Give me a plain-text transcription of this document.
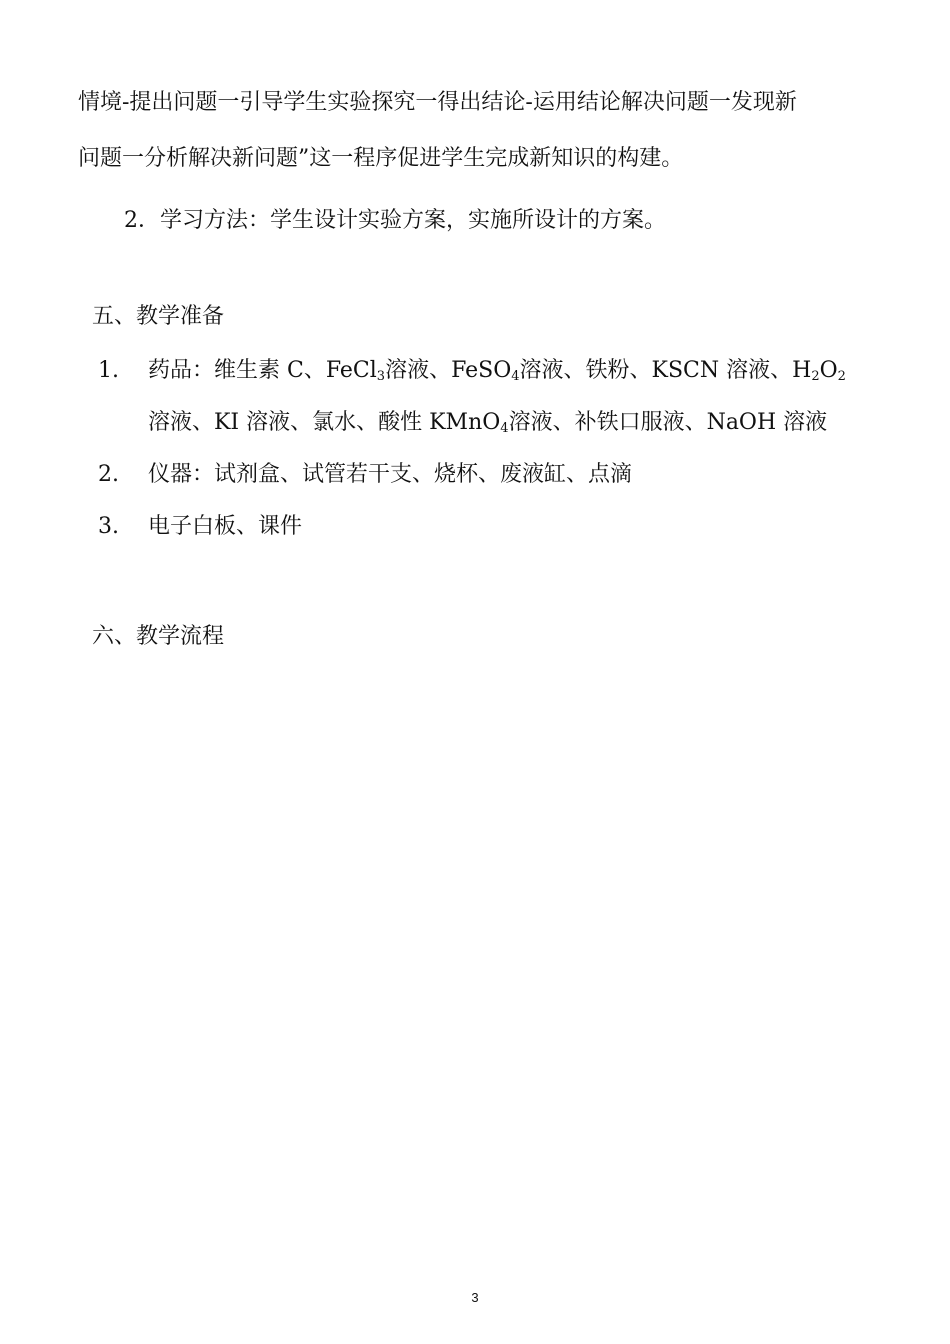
情境-提出问题一引导学生实验探究一得出结论-运用结论解决问题一发现新
问题一分析解决新问题”这一程序促进学生完成新知识的构建。
2．学习方法：学生设计实验方案，实施所设计的方案。
五、教学准备
1. 药品：维生素 C、FeCl$_3$溶液、FeSO$_4$溶液、铁粉、KSCN 溶液、$H_2O_2$
溶液、KI 溶液、氯水、酸性 KMnO$_4$溶液、补铁口服液、NaOH 溶液
2. 仪器：试剂盒、试管若干支、烧杯、废液缸、点滴
3. 电子白板、课件
六、教学流程
3
